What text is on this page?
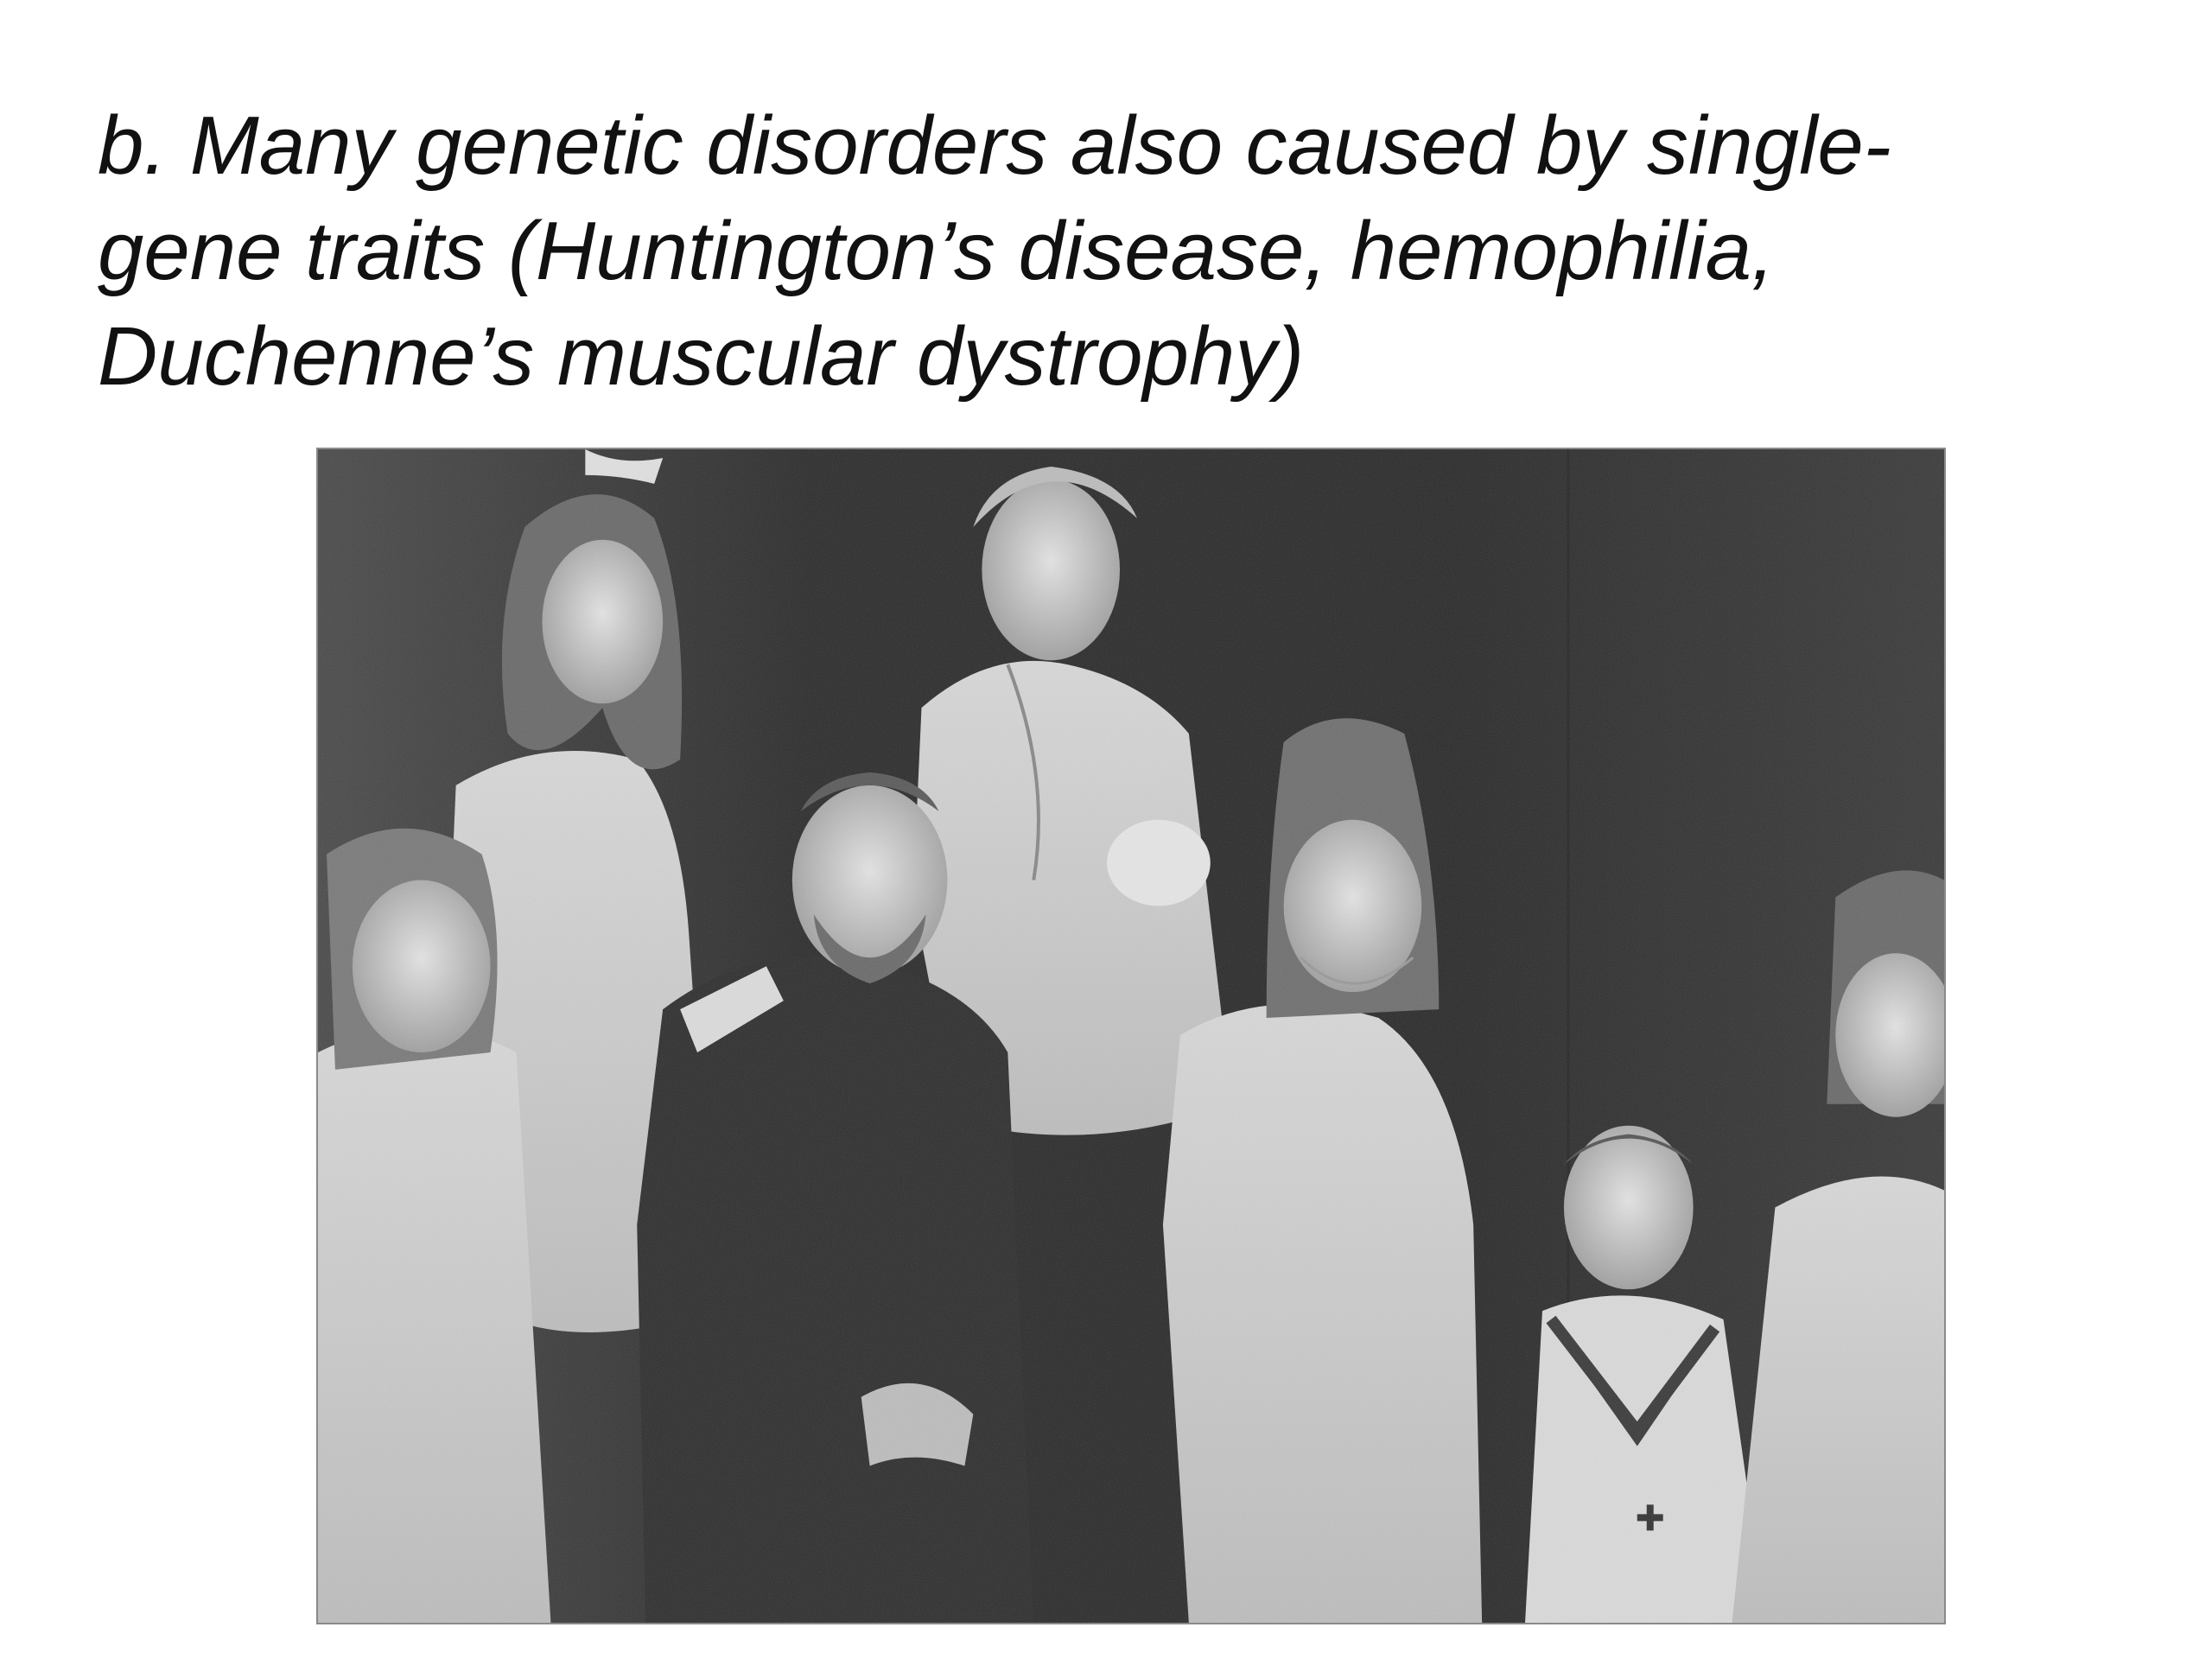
b. Many genetic disorders also caused by single-
gene traits (Huntington’s disease, hemophilia,
Duchenne’s muscular dystrophy)
